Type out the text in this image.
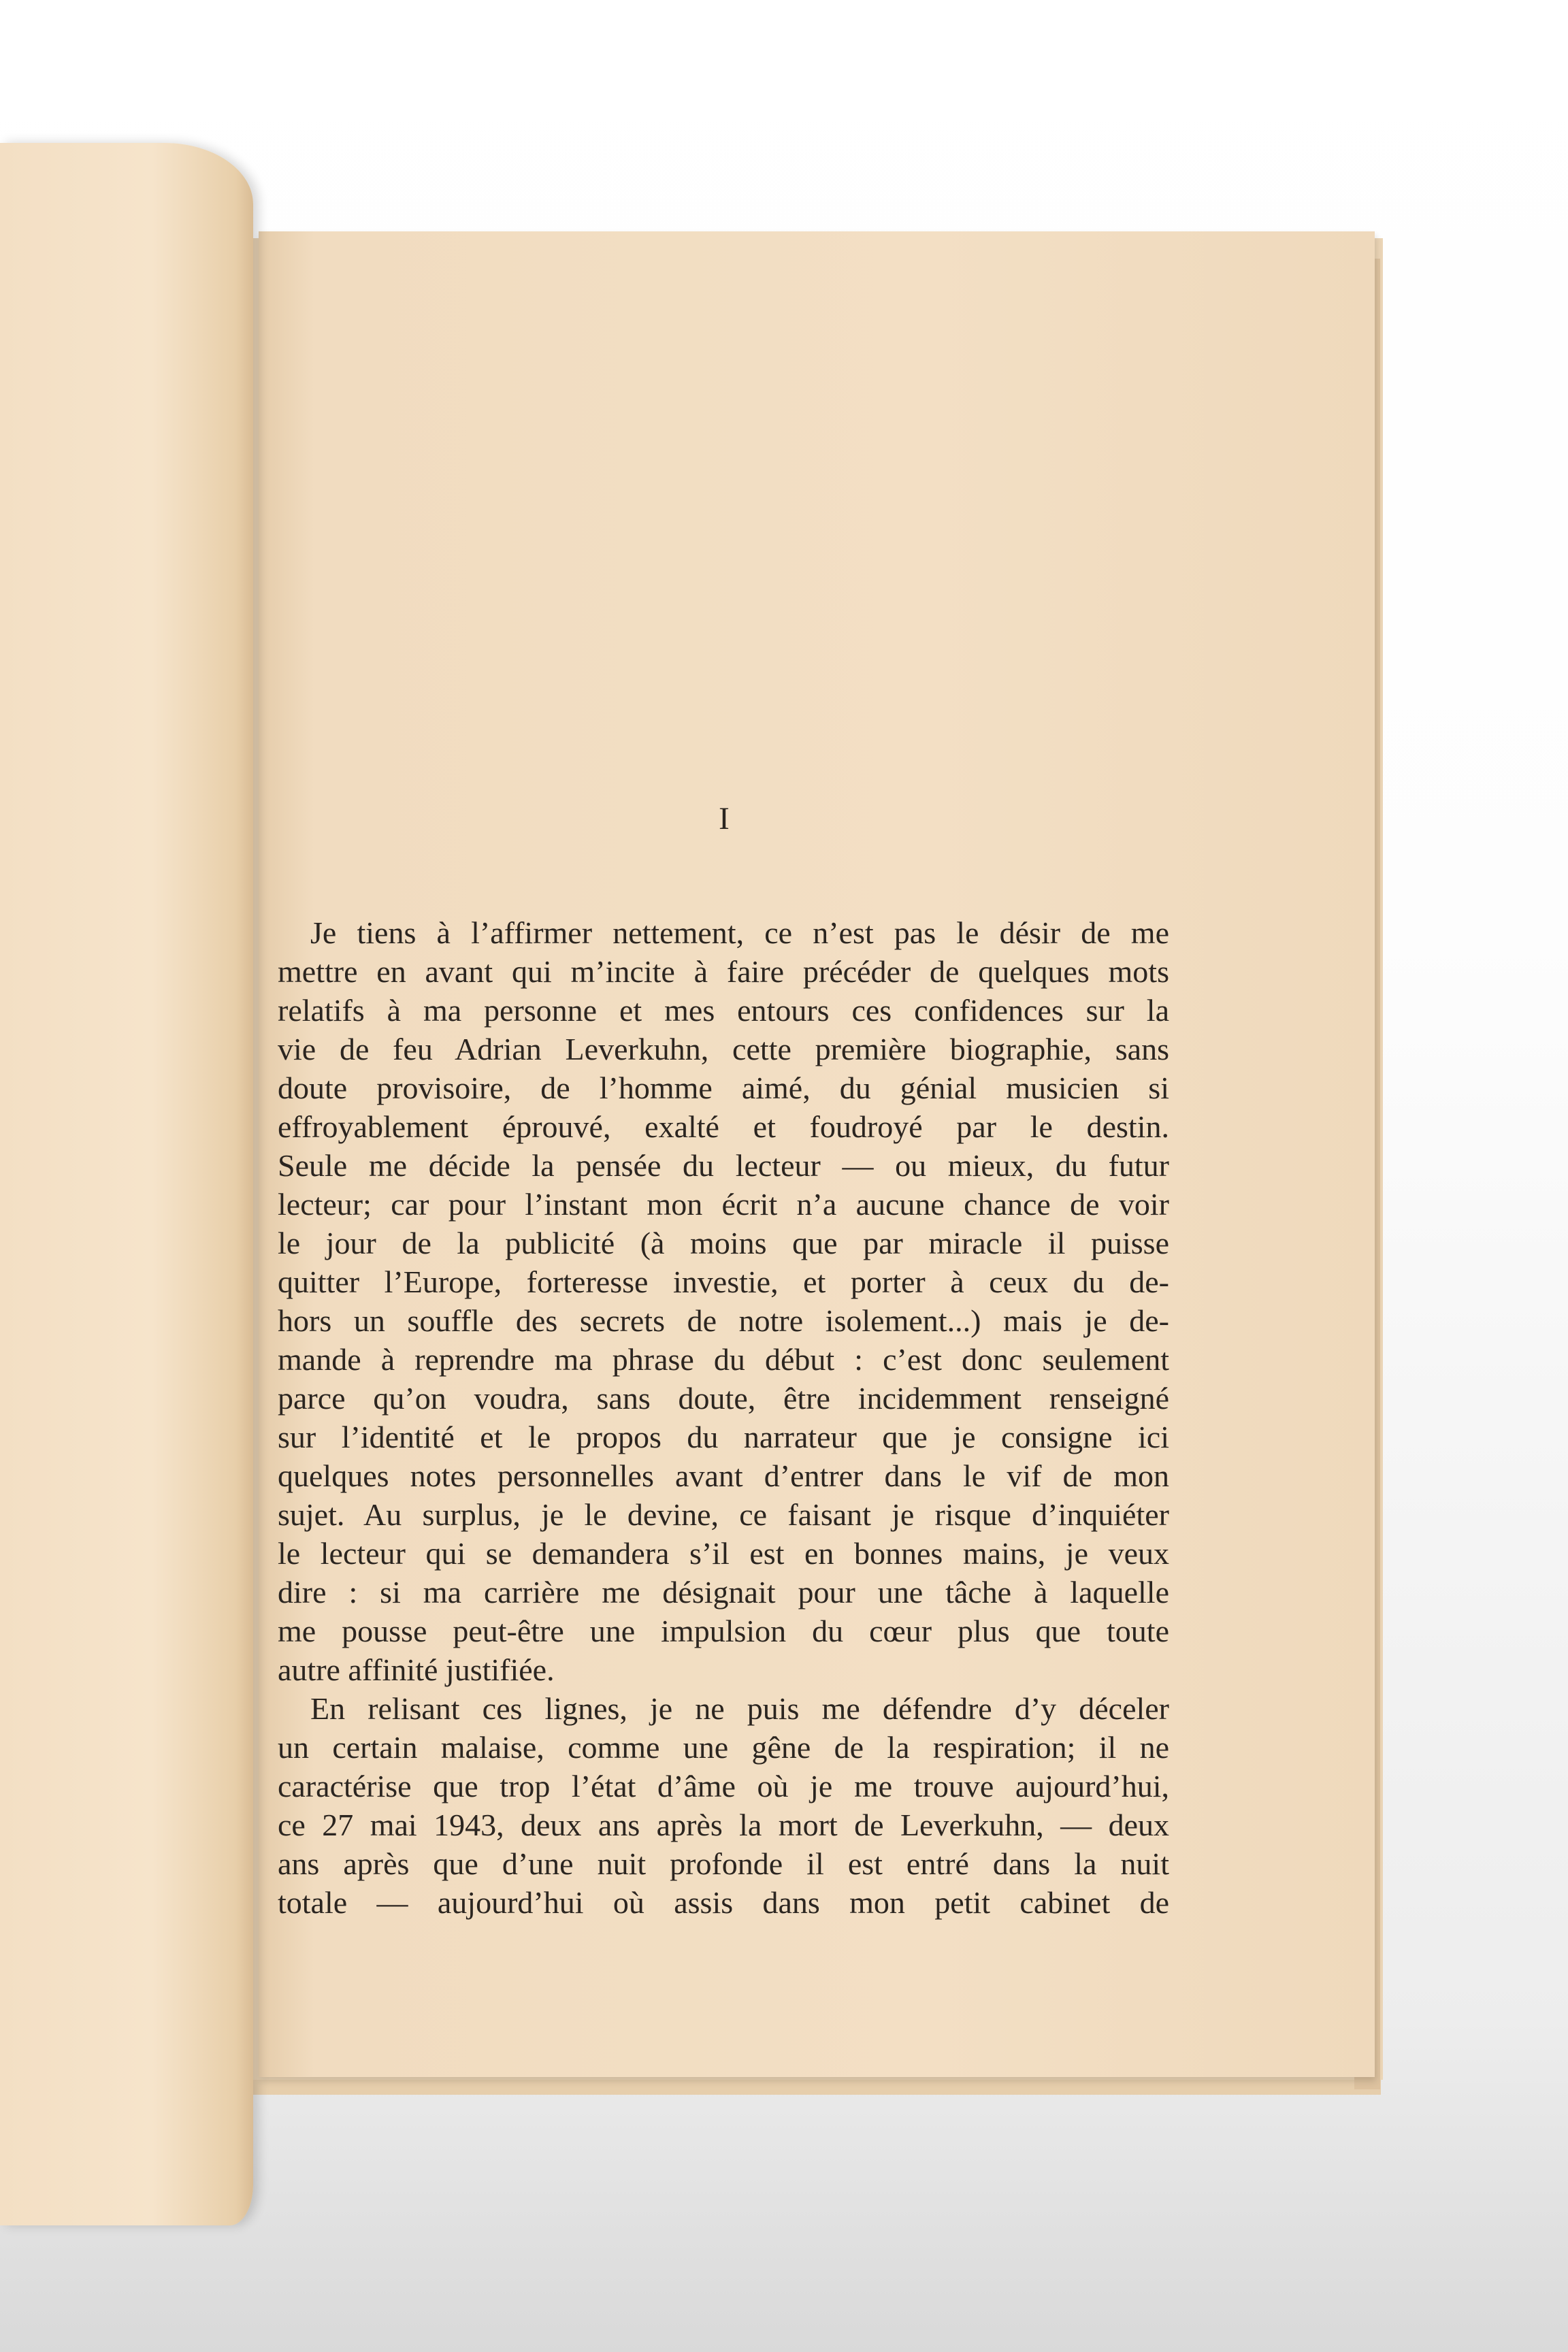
I
Je tiens à l’affirmer nettement, ce n’est pas le désir de me
mettre en avant qui m’incite à faire précéder de quelques mots
relatifs à ma personne et mes entours ces confidences sur la
vie de feu Adrian Leverkuhn, cette première biographie, sans
doute provisoire, de l’homme aimé, du génial musicien si
effroyablement éprouvé, exalté et foudroyé par le destin.
Seule me décide la pensée du lecteur — ou mieux, du futur
lecteur; car pour l’instant mon écrit n’a aucune chance de voir
le jour de la publicité (à moins que par miracle il puisse
quitter l’Europe, forteresse investie, et porter à ceux du de-
hors un souffle des secrets de notre isolement...) mais je de-
mande à reprendre ma phrase du début : c’est donc seulement
parce qu’on voudra, sans doute, être incidemment renseigné
sur l’identité et le propos du narrateur que je consigne ici
quelques notes personnelles avant d’entrer dans le vif de mon
sujet. Au surplus, je le devine, ce faisant je risque d’inquiéter
le lecteur qui se demandera s’il est en bonnes mains, je veux
dire : si ma carrière me désignait pour une tâche à laquelle
me pousse peut-être une impulsion du cœur plus que toute
autre affinité justifiée.
En relisant ces lignes, je ne puis me défendre d’y déceler
un certain malaise, comme une gêne de la respiration; il ne
caractérise que trop l’état d’âme où je me trouve aujourd’hui,
ce 27 mai 1943, deux ans après la mort de Leverkuhn, — deux
ans après que d’une nuit profonde il est entré dans la nuit
totale — aujourd’hui où assis dans mon petit cabinet de
